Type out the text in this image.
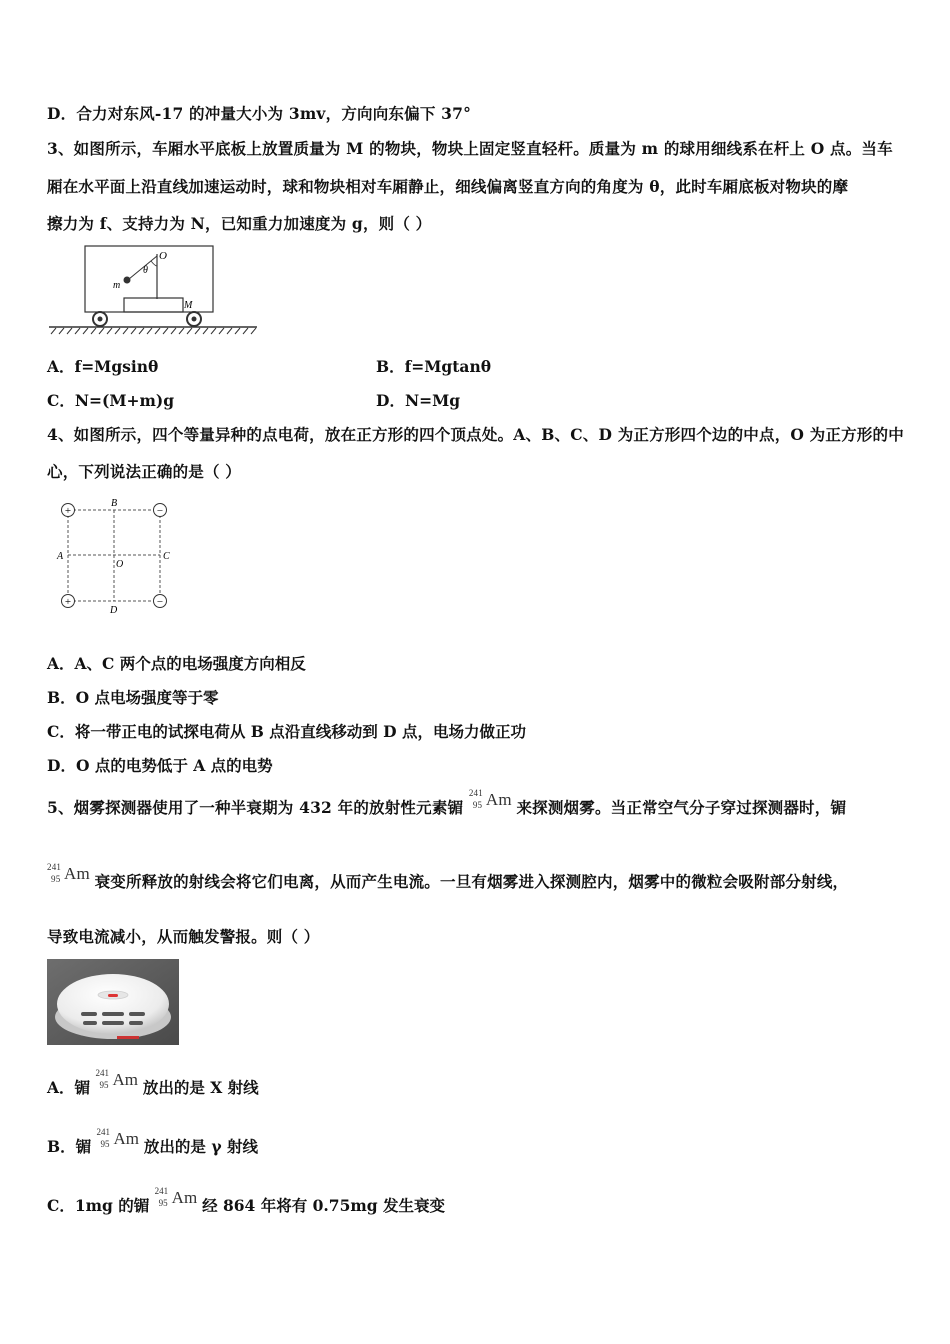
D．合力对东风-17 的冲量大小为 3mv，方向向东偏下 37°
3、如图所示，车厢水平底板上放置质量为 M 的物块，物块上固定竖直轻杆。质量为 m 的球用细线系在杆上 O 点。当车
厢在水平面上沿直线加速运动时，球和物块相对车厢静止，细线偏离竖直方向的角度为 θ，此时车厢底板对物块的摩
擦力为 f、支持力为 N，已知重力加速度为 g，则（ ）
O
θ
m
M
A．f=Mgsinθ	B．f=Mgtanθ
C．N=(M+m)g	D．N=Mg
4、如图所示，四个等量异种的点电荷，放在正方形的四个顶点处。A、B、C、D 为正方形四个边的中点，O 为正方形的中
心，下列说法正确的是（ ）
+	−
+	−
B
A	C
O
D
A．A、C 两个点的电场强度方向相反
B．O 点电场强度等于零
C．将一带正电的试探电荷从 B 点沿直线移动到 D 点，电场力做正功
D．O 点的电势低于 A 点的电势
5、烟雾探测器使用了一种半衰期为 432 年的放射性元素镅
241
95 Am 来探测烟雾。当正常空气分子穿过探测器时，镅
241
95 Am 衰变所释放的射线会将它们电离，从而产生电流。一旦有烟雾进入探测腔内，烟雾中的微粒会吸附部分射线，
导致电流减小，从而触发警报。则（ ）
A．镅
241
95 Am 放出的是 X 射线
B．镅
241
95 Am 放出的是 γ 射线
C．1mg 的镅
241
95 Am 经 864 年将有 0.75mg 发生衰变
